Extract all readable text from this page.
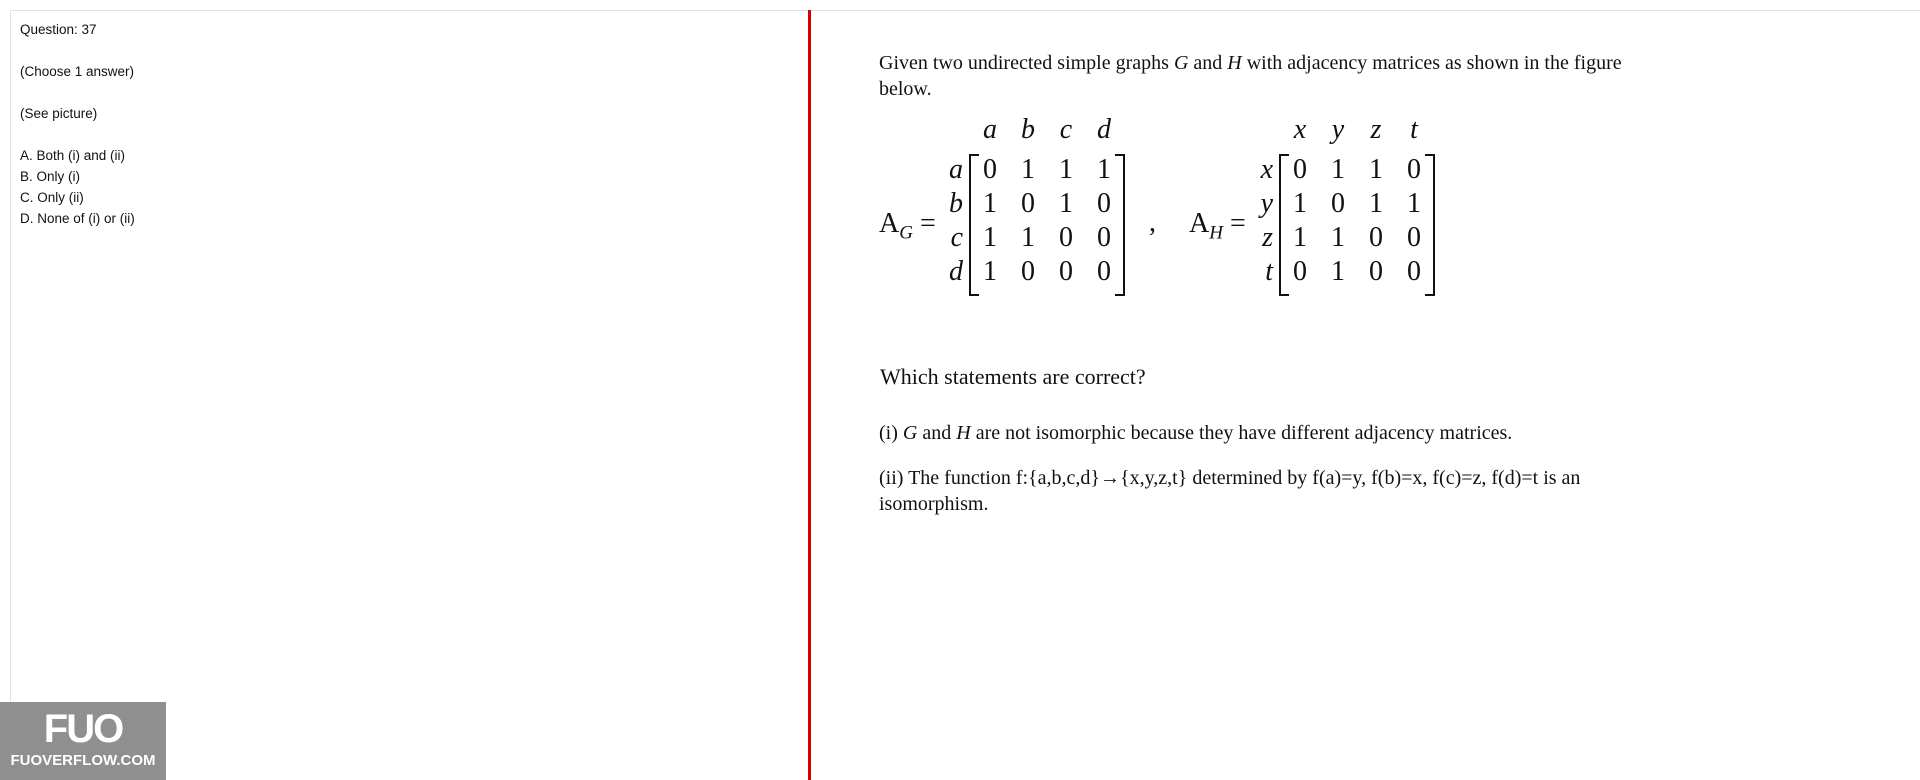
Question: 37
(Choose 1 answer)
(See picture)
A. Both (i) and (ii)
B. Only (i)
C. Only (ii)
D. None of (i) or (ii)
FUO
FUOVERFLOW.COM
Given two undirected simple graphs G and H with adjacency matrices as shown in the figure below.
$A_G$ =
a b c d
a 0 1 1 1
b 1 0 1 0
c 1 1 0 0
d 1 0 0 0
, $A_H$ =
x y z	t
x 0 1 1 0
y 1 0 1 1
z 1 1 0 0
t 0 1 0 0
Which statements are correct?
(i) G and H are not isomorphic because they have different adjacency matrices.
(ii) The function f:{a,b,c,d}→{x,y,z,t} determined by f(a)=y, f(b)=x, f(c)=z, f(d)=t is an isomorphism.
